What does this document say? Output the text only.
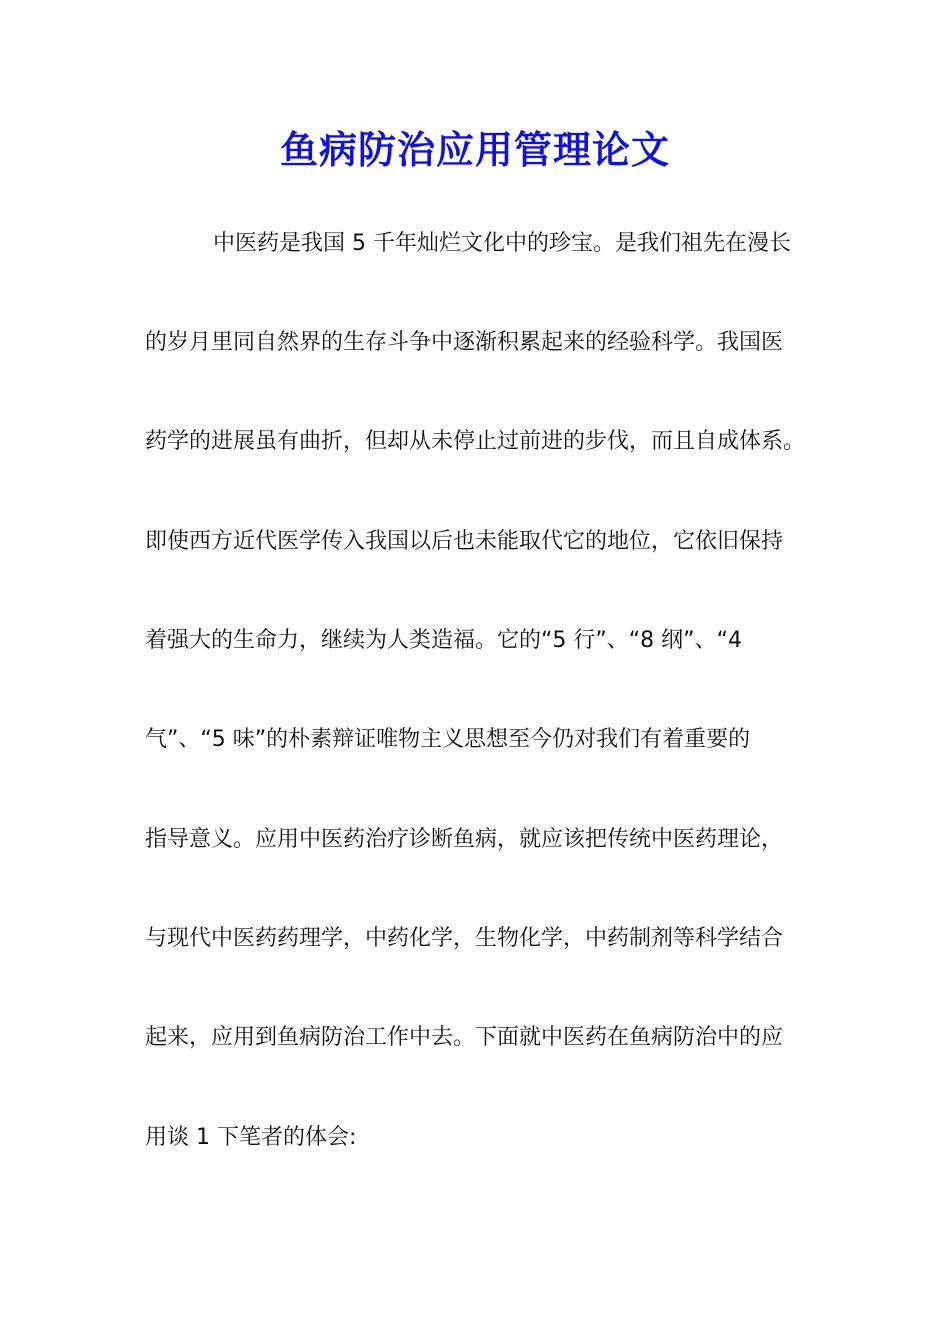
鱼病防治应用管理论文
中医药是我国 5 千年灿烂文化中的珍宝。是我们祖先在漫长
的岁月里同自然界的生存斗争中逐渐积累起来的经验科学。我国医
药学的进展虽有曲折，但却从未停止过前进的步伐，而且自成体系。
即使西方近代医学传入我国以后也未能取代它的地位，它依旧保持
着强大的生命力，继续为人类造福。它的“5 行”、“8 纲”、“4
气”、“5 味”的朴素辩证唯物主义思想至今仍对我们有着重要的
指导意义。应用中医药治疗诊断鱼病，就应该把传统中医药理论，
与现代中医药药理学，中药化学，生物化学，中药制剂等科学结合
起来，应用到鱼病防治工作中去。下面就中医药在鱼病防治中的应
用谈 1 下笔者的体会:
